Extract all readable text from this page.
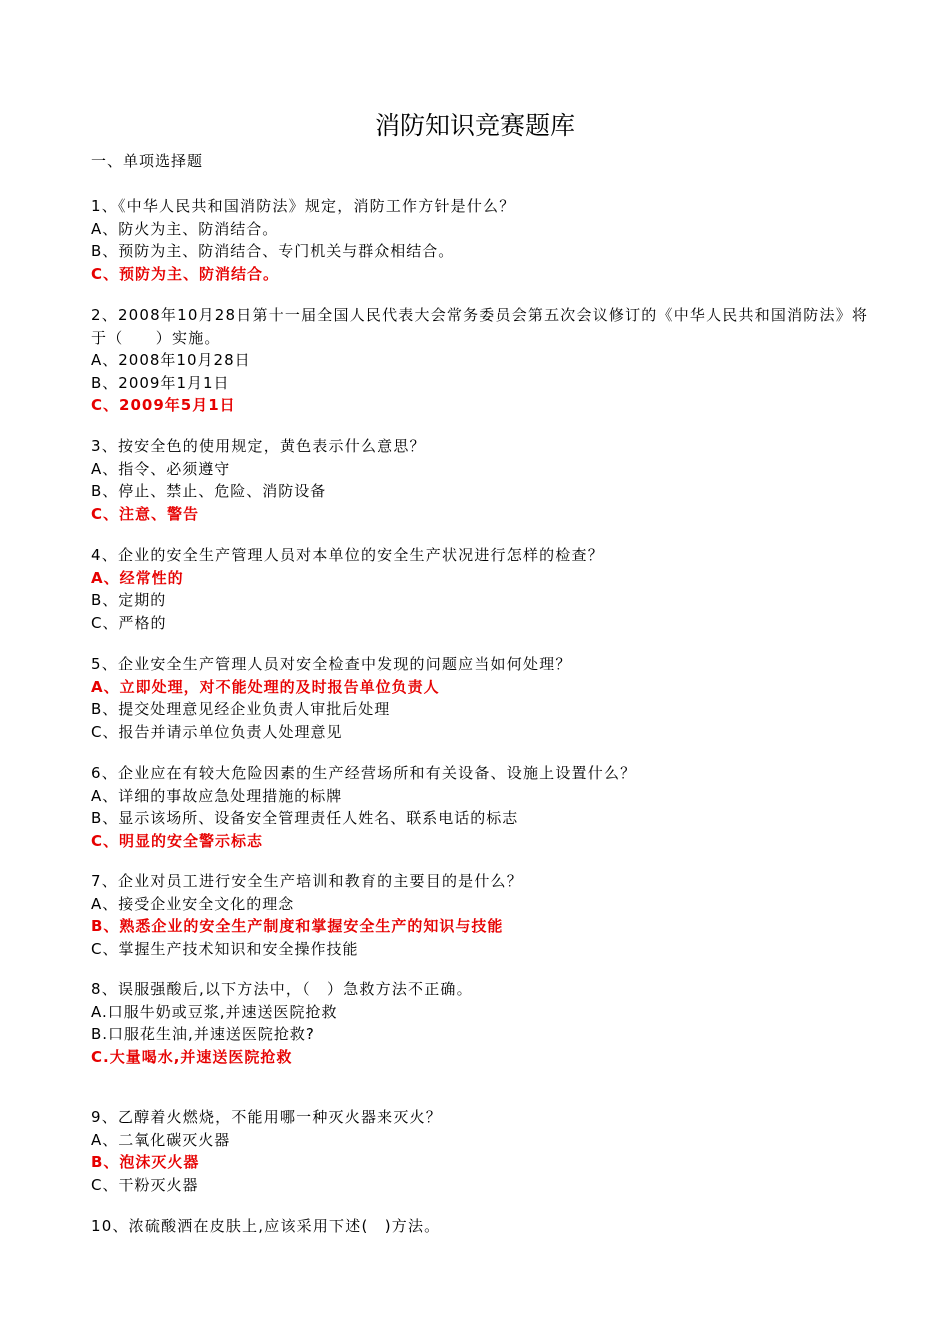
消防知识竞赛题库
一、单项选择题
1、《中华人民共和国消防法》规定，消防工作方针是什么？
A、防火为主、防消结合。
B、预防为主、防消结合、专门机关与群众相结合。
C、预防为主、防消结合。
2、2008年10月28日第十一届全国人民代表大会常务委员会第五次会议修订的《中华人民共和国消防法》将于（　　）实施。
A、2008年10月28日
B、2009年1月1日
C、2009年5月1日
3、按安全色的使用规定，黄色表示什么意思？
A、指令、必须遵守
B、停止、禁止、危险、消防设备
C、注意、警告
4、企业的安全生产管理人员对本单位的安全生产状况进行怎样的检查？
A、经常性的
B、定期的
C、严格的
5、企业安全生产管理人员对安全检查中发现的问题应当如何处理？
A、立即处理，对不能处理的及时报告单位负责人
B、提交处理意见经企业负责人审批后处理
C、报告并请示单位负责人处理意见
6、企业应在有较大危险因素的生产经营场所和有关设备、设施上设置什么？
A、详细的事故应急处理措施的标牌
B、显示该场所、设备安全管理责任人姓名、联系电话的标志
C、明显的安全警示标志
7、企业对员工进行安全生产培训和教育的主要目的是什么？
A、接受企业安全文化的理念
B、熟悉企业的安全生产制度和掌握安全生产的知识与技能
C、掌握生产技术知识和安全操作技能
8、误服强酸后,以下方法中，（　）急救方法不正确。
A.口服牛奶或豆浆,并速送医院抢救
B.口服花生油,并速送医院抢救?
C.大量喝水,并速送医院抢救
9、乙醇着火燃烧，不能用哪一种灭火器来灭火？
A、二氧化碳灭火器
B、泡沫灭火器
C、干粉灭火器
10、浓硫酸洒在皮肤上,应该采用下述(　)方法。
